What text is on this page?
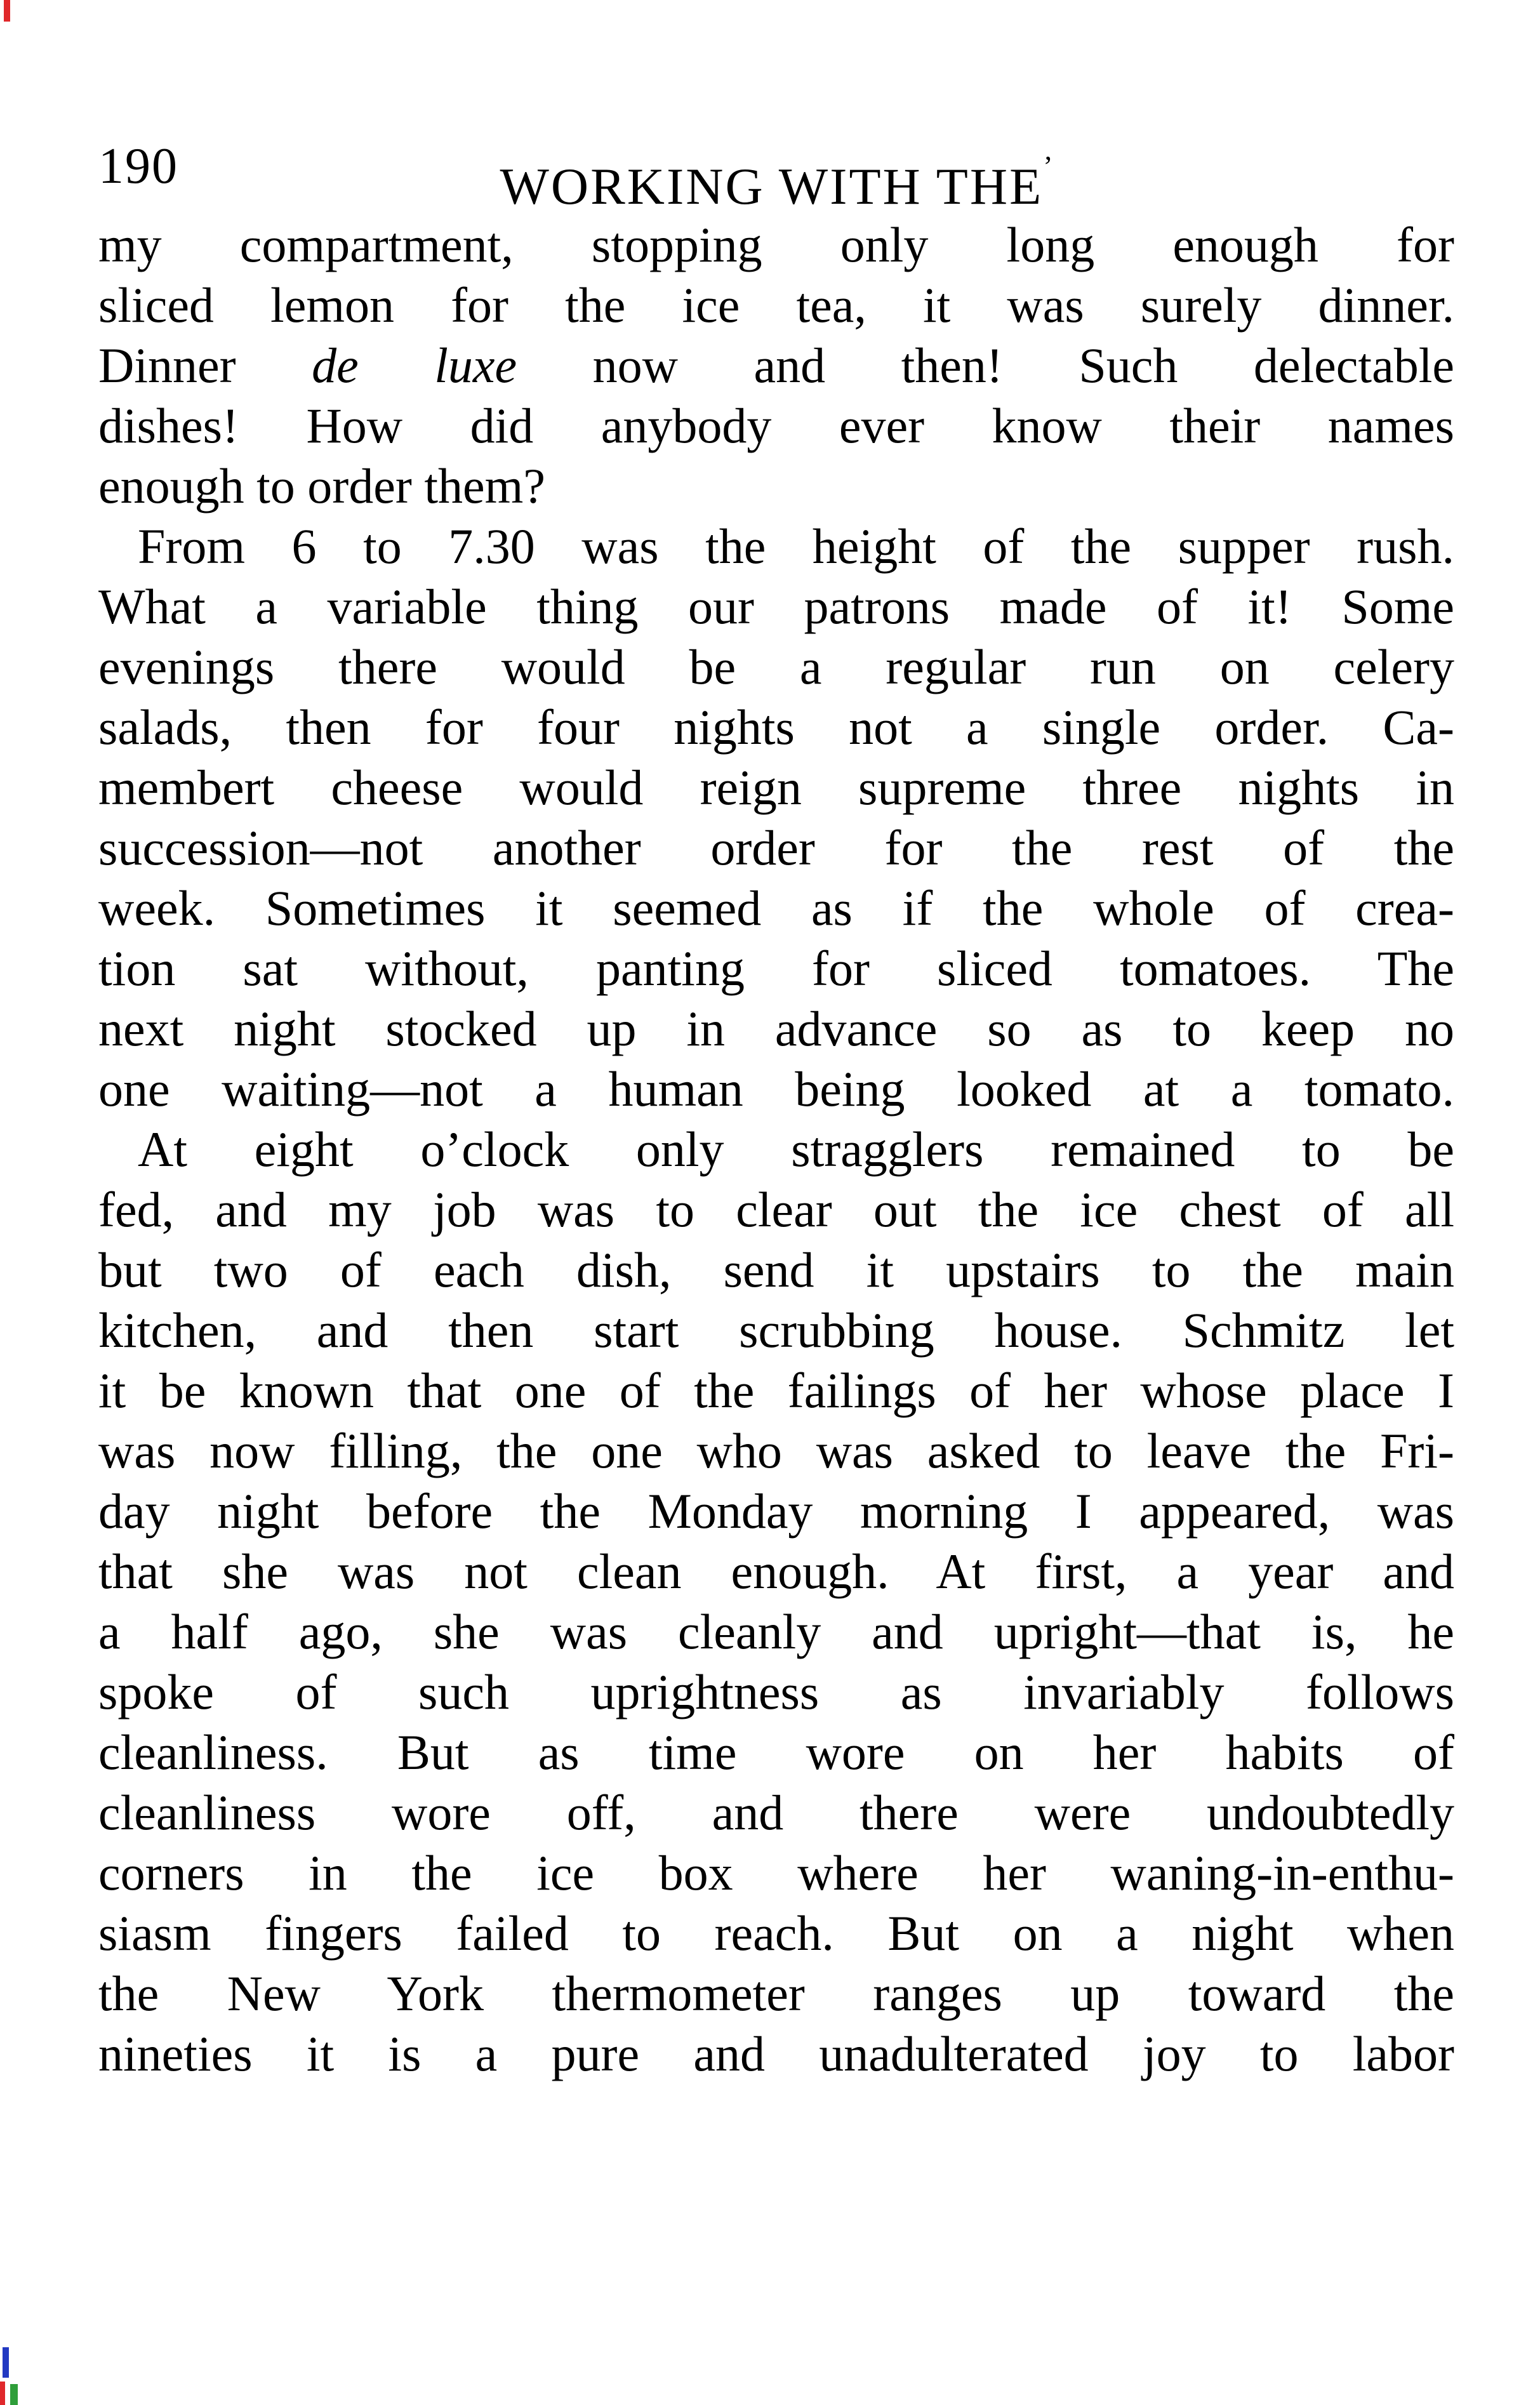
190	WORKING WITH THE’
my compartment, stopping only long enough for
sliced lemon for the ice tea, it was surely dinner.
Dinner de luxe now and then! Such delectable
dishes! How did anybody ever know their names
enough to order them?
From 6 to 7.30 was the height of the supper rush.
What a variable thing our patrons made of it! Some
evenings there would be a regular run on celery
salads, then for four nights not a single order. Ca-
membert cheese would reign supreme three nights in
succession—not another order for the rest of the
week. Sometimes it seemed as if the whole of crea-
tion sat without, panting for sliced tomatoes. The
next night stocked up in advance so as to keep no
one waiting—not a human being looked at a tomato.
At eight o’clock only stragglers remained to be
fed, and my job was to clear out the ice chest of all
but two of each dish, send it upstairs to the main
kitchen, and then start scrubbing house. Schmitz let
it be known that one of the failings of her whose place I
was now filling, the one who was asked to leave the Fri-
day night before the Monday morning I appeared, was
that she was not clean enough. At first, a year and
a half ago, she was cleanly and upright—that is, he
spoke of such uprightness as invariably follows
cleanliness. But as time wore on her habits of
cleanliness wore off, and there were undoubtedly
corners in the ice box where her waning-in-enthu-
siasm fingers failed to reach. But on a night when
the New York thermometer ranges up toward the
nineties it is a pure and unadulterated joy to labor
